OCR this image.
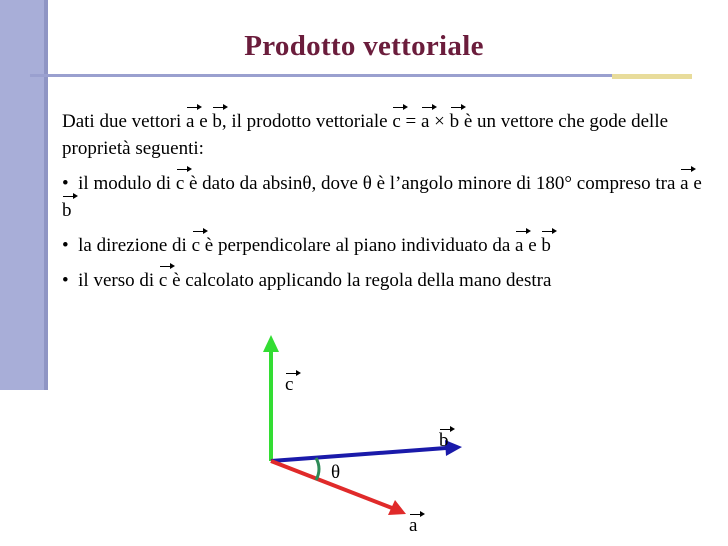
Prodotto vettoriale

Dati due vettori a e b, il prodotto vettoriale c = a × b è un vettore che gode delle proprietà seguenti:

• il modulo di c è dato da absinθ, dove θ è l’angolo minore di 180° compreso tra a e b

• la direzione di c è perpendicolare al piano individuato da a e b

• il verso di c è calcolato applicando la regola della mano destra

c
b
a
θ
